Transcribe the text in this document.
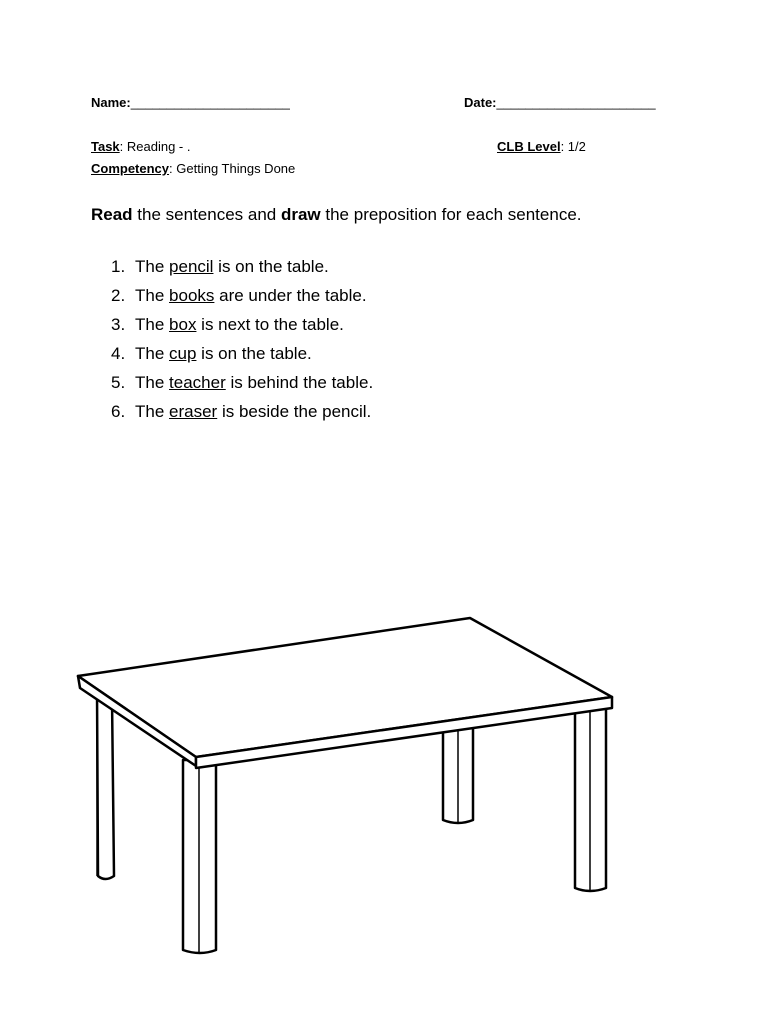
Name:______________________	Date:______________________
Task: Reading - .	CLB Level: 1/2
Competency: Getting Things Done
Read the sentences and draw the preposition for each sentence.
1. The pencil is on the table.
2. The books are under the table.
3. The box is next to the table.
4. The cup is on the table.
5. The teacher is behind the table.
6. The eraser is beside the pencil.
